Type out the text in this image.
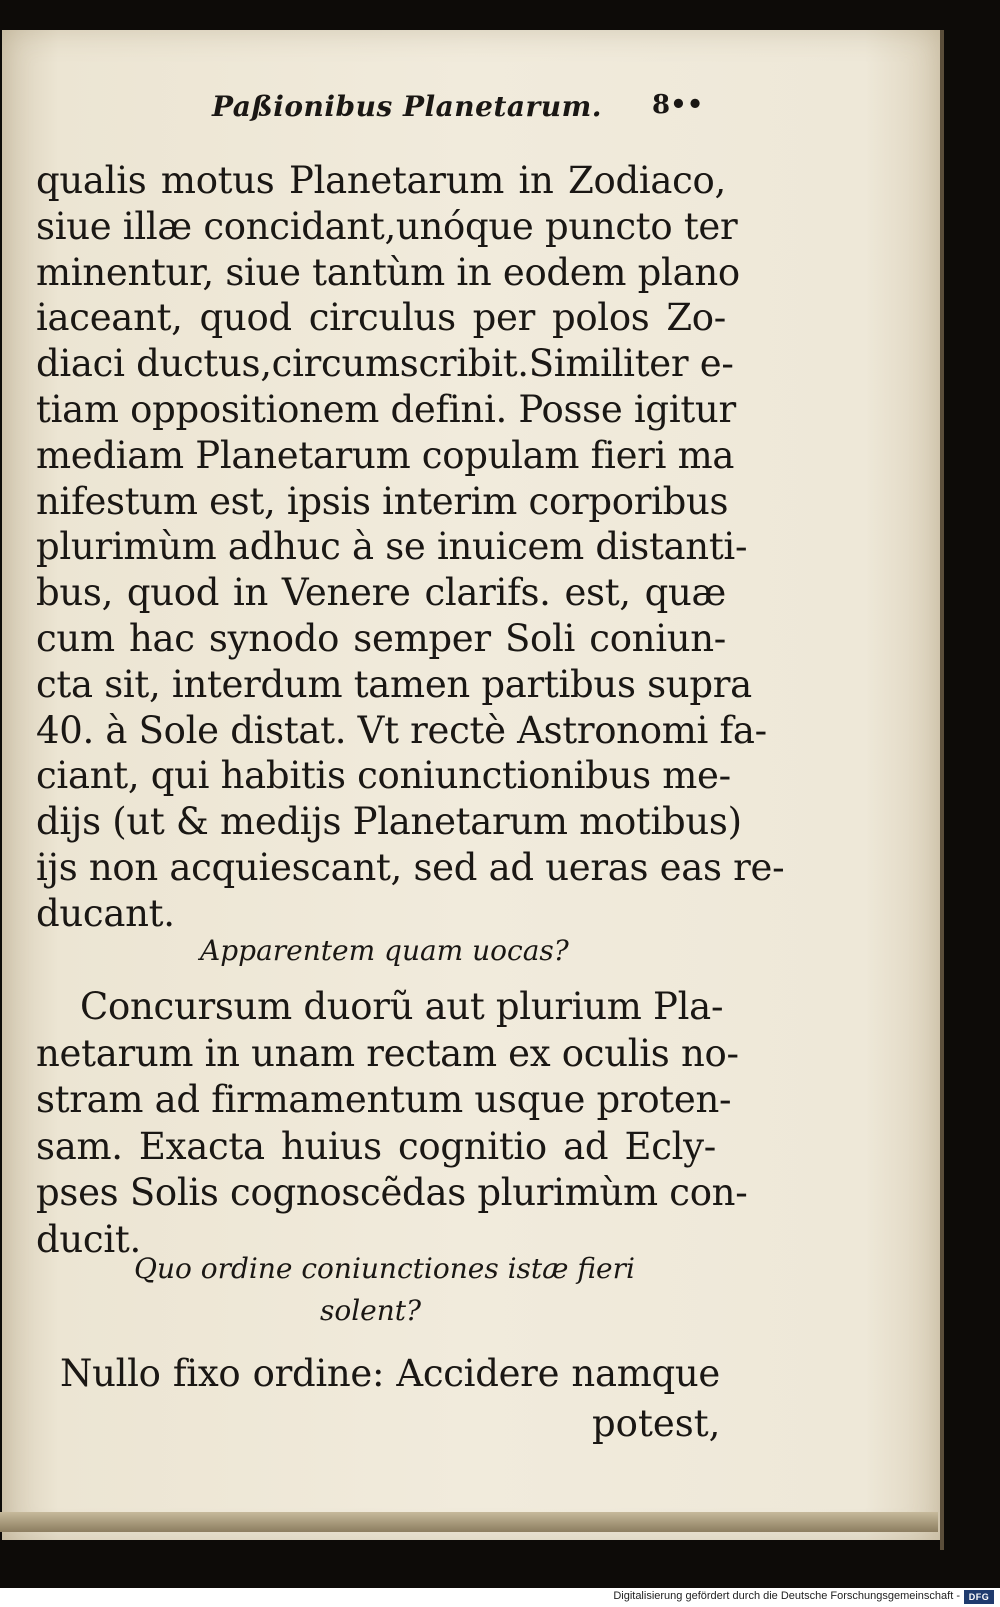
Paßionibus Planetarum. 8••
qualis motus Planetarum in Zodiaco,
siue illæ concidant,unóque puncto ter
minentur, siue tantùm in eodem plano
iaceant, quod circulus per polos Zo-
diaci ductus,circumscribit.Similiter e-
tiam oppositionem defini. Posse igitur
mediam Planetarum copulam fieri ma
nifestum est, ipsis interim corporibus
plurimùm adhuc à se inuicem distanti-
bus, quod in Venere clarifs. est, quæ
cum hac synodo semper Soli coniun-
cta sit, interdum tamen partibus supra
40. à Sole distat. Vt rectè Astronomi fa-
ciant, qui habitis coniunctionibus me-
dijs (ut & medijs Planetarum motibus)
ijs non acquiescant, sed ad ueras eas re-
ducant.
Apparentem quam uocas?
Concursum duorũ aut plurium Pla-
netarum in unam rectam ex oculis no-
stram ad firmamentum usque proten-
sam. Exacta huius cognitio ad Ecly-
pses Solis cognoscẽdas plurimùm con-
ducit.
Quo ordine coniunctiones istæ fieri
solent?
Nullo fixo ordine: Accidere namque
potest,
Digitalisierung gefördert durch die Deutsche Forschungsgemeinschaft - DFG
